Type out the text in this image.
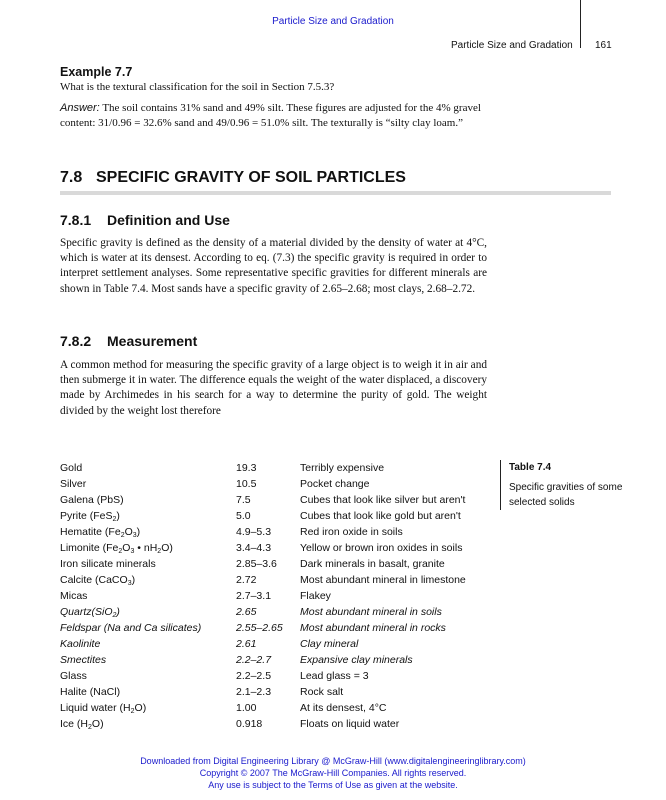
Particle Size and Gradation
Particle Size and Gradation 161
Example 7.7
What is the textural classification for the soil in Section 7.5.3?
Answer: The soil contains 31% sand and 49% silt. These figures are adjusted for the 4% gravel content: 31/0.96 = 32.6% sand and 49/0.96 = 51.0% silt. The texturally is “silty clay loam.”
7.8 SPECIFIC GRAVITY OF SOIL PARTICLES
7.8.1 Definition and Use
Specific gravity is defined as the density of a material divided by the density of water at 4°C, which is water at its densest. According to eq. (7.3) the specific gravity is required in order to interpret settlement analyses. Some representative specific gravities for different minerals are shown in Table 7.4. Most sands have a specific gravity of 2.65–2.68; most clays, 2.68–2.72.
7.8.2 Measurement
A common method for measuring the specific gravity of a large object is to weigh it in air and then submerge it in water. The difference equals the weight of the water displaced, a discovery made by Archimedes in his search for a way to determine the purity of gold. The weight divided by the weight lost therefore
Gold	19.3	Terribly expensive
Silver	10.5	Pocket change
Galena (PbS)	7.5	Cubes that look like silver but aren't
Pyrite (FeS$_2$)	5.0	Cubes that look like gold but aren't
Hematite $(Fe_2O_3)$	4.9–5.3	Red iron oxide in soils
Limonite ($Fe_2O_3$ • $nH_2O$)	3.4–4.3	Yellow or brown iron oxides in soils
Iron silicate minerals	2.85–3.6 Dark minerals in basalt, granite
Calcite (CaCO$_3$)	2.72	Most abundant mineral in limestone
Micas	2.7–3.1	Flakey
Quartz(SiO$_2$)	2.65	Most abundant mineral in soils
Feldspar (Na and Ca silicates)	2.55–2.65 Most abundant mineral in rocks
Kaolinite	2.61	Clay mineral
Smectites	2.2–2.7	Expansive clay minerals
Glass	2.2–2.5	Lead glass = 3
Halite (NaCl)	2.1–2.3	Rock salt
Liquid water $(H_2O)$	1.00	At its densest, 4°C
Ice $(H_2O)$	0.918	Floats on liquid water
Table 7.4
Specific gravities of some selected solids
Downloaded from Digital Engineering Library @ McGraw-Hill (www.digitalengineeringlibrary.com)
Copyright © 2007 The McGraw-Hill Companies. All rights reserved.
Any use is subject to the Terms of Use as given at the website.
